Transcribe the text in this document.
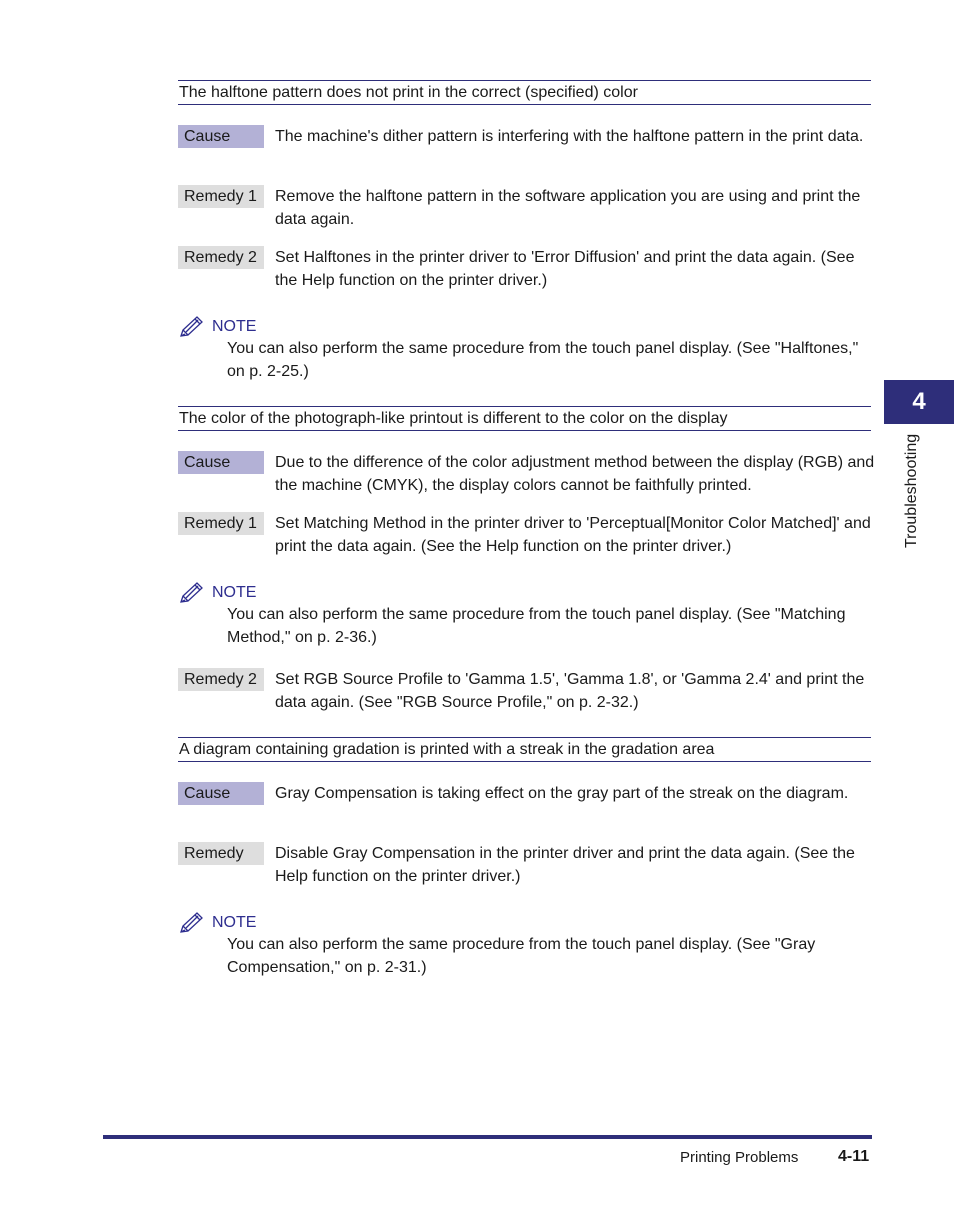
The halftone pattern does not print in the correct (specified) color
Cause	The machine's dither pattern is interfering with the halftone pattern in the print data.
Remedy 1	Remove the halftone pattern in the software application you are using and print the data again.
Remedy 2	Set Halftones in the printer driver to 'Error Diffusion' and print the data again. (See the Help function on the printer driver.)
NOTE
You can also perform the same procedure from the touch panel display. (See "Halftones," on p. 2-25.)
The color of the photograph-like printout is different to the color on the display
Cause	Due to the difference of the color adjustment method between the display (RGB) and the machine (CMYK), the display colors cannot be faithfully printed.
Remedy 1	Set Matching Method in the printer driver to 'Perceptual[Monitor Color Matched]' and print the data again. (See the Help function on the printer driver.)
NOTE
You can also perform the same procedure from the touch panel display. (See "Matching Method," on p. 2-36.)
Remedy 2	Set RGB Source Profile to 'Gamma 1.5', 'Gamma 1.8', or 'Gamma 2.4' and print the data again. (See "RGB Source Profile," on p. 2-32.)
A diagram containing gradation is printed with a streak in the gradation area
Cause	Gray Compensation is taking effect on the gray part of the streak on the diagram.
Remedy	Disable Gray Compensation in the printer driver and print the data again. (See the Help function on the printer driver.)
NOTE
You can also perform the same procedure from the touch panel display. (See "Gray Compensation," on p. 2-31.)
4
Troubleshooting
Printing Problems 4-11
